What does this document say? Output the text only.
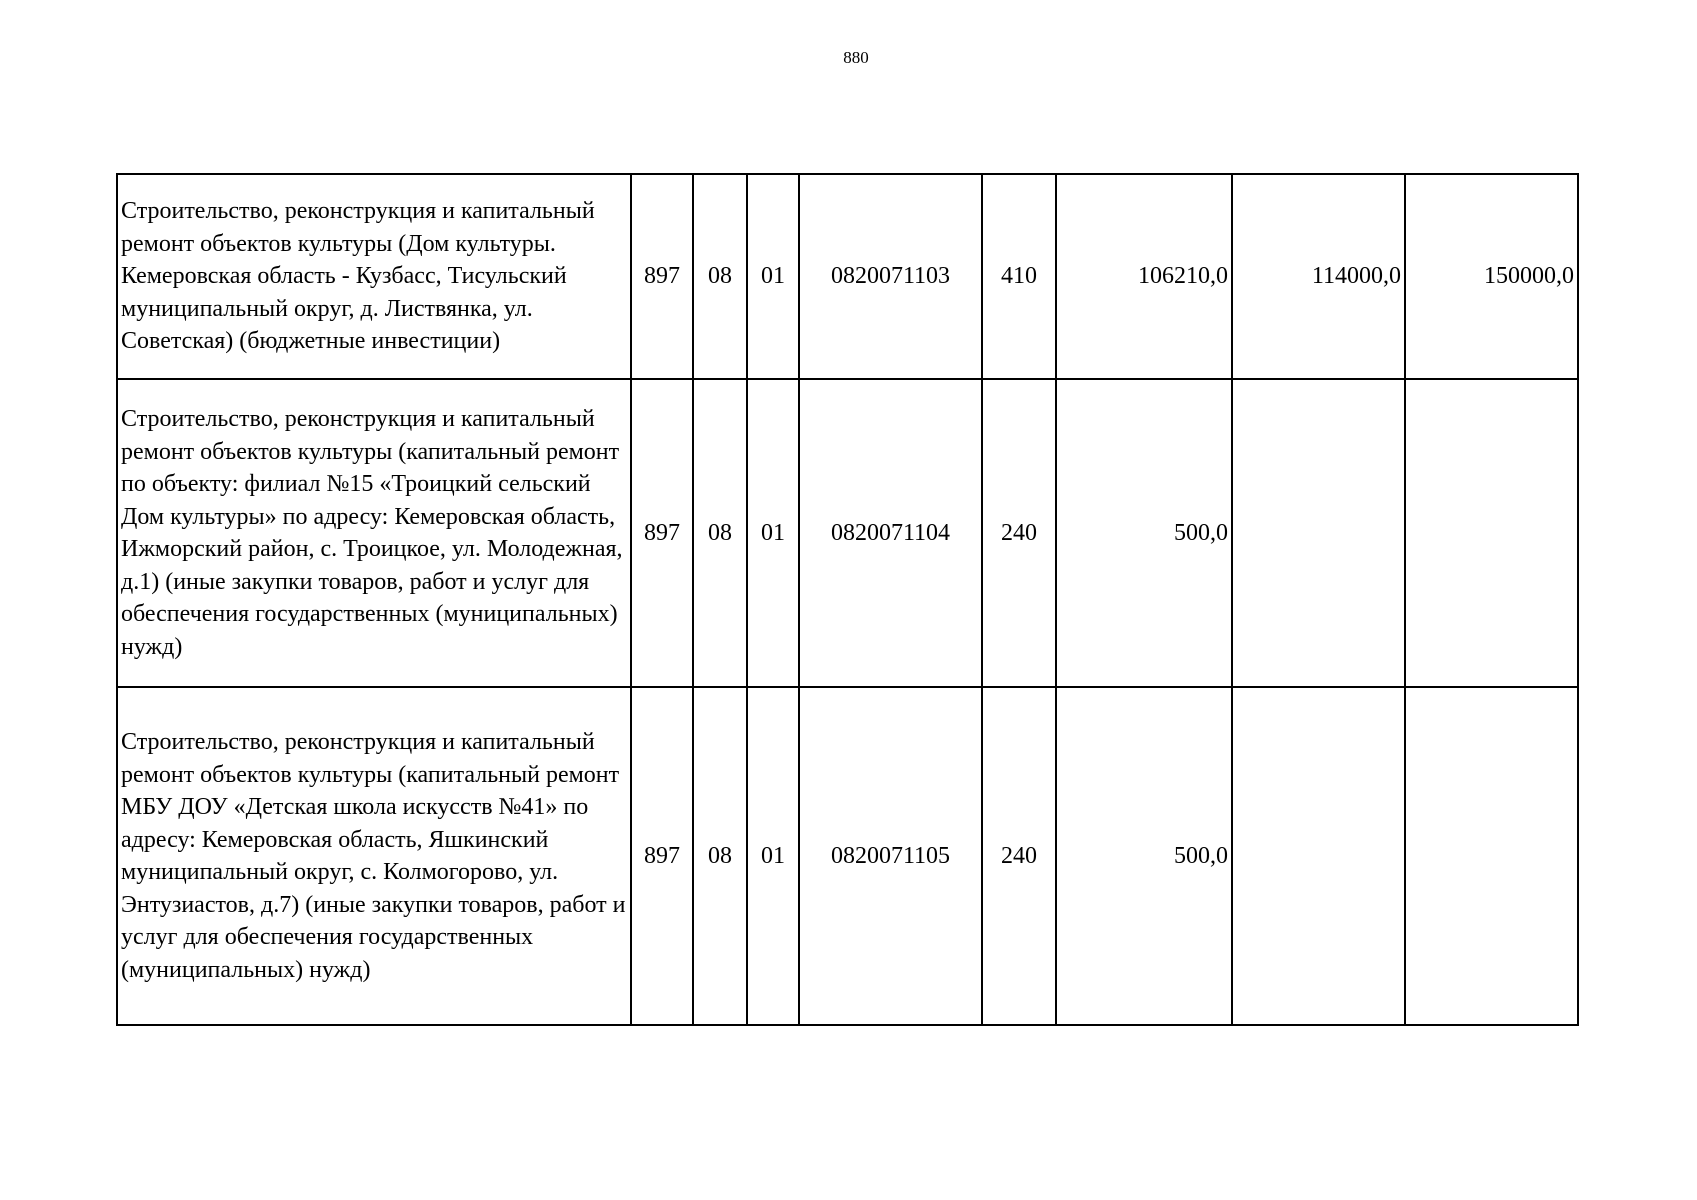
880
Строительство, реконструкция и капитальный ремонт объектов культуры (Дом культуры. Кемеровская область - Кузбасс, Тисульский муниципальный округ, д. Листвянка, ул. Советская) (бюджетные инвестиции)	897	08	01	0820071103	410	106210,0	114000,0	150000,0
Строительство, реконструкция и капитальный ремонт объектов культуры (капитальный ремонт по объекту: филиал №15 «Троицкий сельский Дом культуры» по адресу: Кемеровская область, Ижморский район, с. Троицкое, ул. Молодежная, д.1) (иные закупки товаров, работ и услуг для обеспечения государственных (муниципальных) нужд)	897	08	01	0820071104	240	500,0		
Строительство, реконструкция и капитальный ремонт объектов культуры (капитальный ремонт МБУ ДОУ «Детская школа искусств №41» по адресу: Кемеровская область, Яшкинский муниципальный округ, с. Колмогорово, ул. Энтузиастов, д.7) (иные закупки товаров, работ и услуг для обеспечения государственных (муниципальных) нужд)	897	08	01	0820071105	240	500,0		
